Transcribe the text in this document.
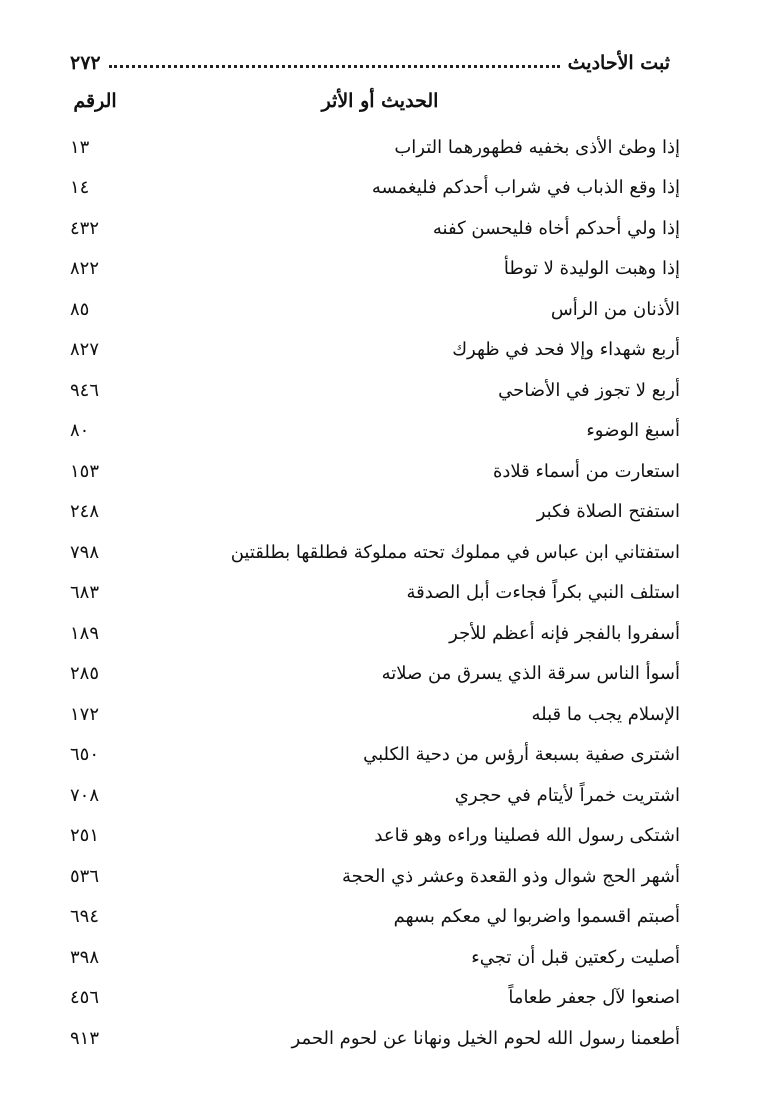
ثبت الأحاديث
٢٧٢
الحديث أو الأثر
الرقم
إذا وطئ الأذى بخفيه فطهورهما التراب
١٣
إذا وقع الذباب في شراب أحدكم فليغمسه
١٤
إذا ولي أحدكم أخاه فليحسن كفنه
٤٣٢
إذا وهبت الوليدة لا توطأ
٨٢٢
الأذنان من الرأس
٨٥
أربع شهداء وإلا فحد في ظهرك
٨٢٧
أربع لا تجوز في الأضاحي
٩٤٦
أسبغ الوضوء
٨٠
استعارت من أسماء قلادة
١٥٣
استفتح الصلاة فكبر
٢٤٨
استفتاني ابن عباس في مملوك تحته مملوكة فطلقها بطلقتين
٧٩٨
استلف النبي بكراً فجاءت أبل الصدقة
٦٨٣
أسفروا بالفجر فإنه أعظم للأجر
١٨٩
أسوأ الناس سرقة الذي يسرق من صلاته
٢٨٥
الإسلام يجب ما قبله
١٧٢
اشترى صفية بسبعة أرؤس من دحية الكلبي
٦٥٠
اشتريت خمراً لأيتام في حجري
٧٠٨
اشتكى رسول الله فصلينا وراءه وهو قاعد
٢٥١
أشهر الحج شوال وذو القعدة وعشر ذي الحجة
٥٣٦
أصبتم اقسموا واضربوا لي معكم بسهم
٦٩٤
أصليت ركعتين قبل أن تجيء
٣٩٨
اصنعوا لآل جعفر طعاماً
٤٥٦
أطعمنا رسول الله لحوم الخيل ونهانا عن لحوم الحمر
٩١٣
